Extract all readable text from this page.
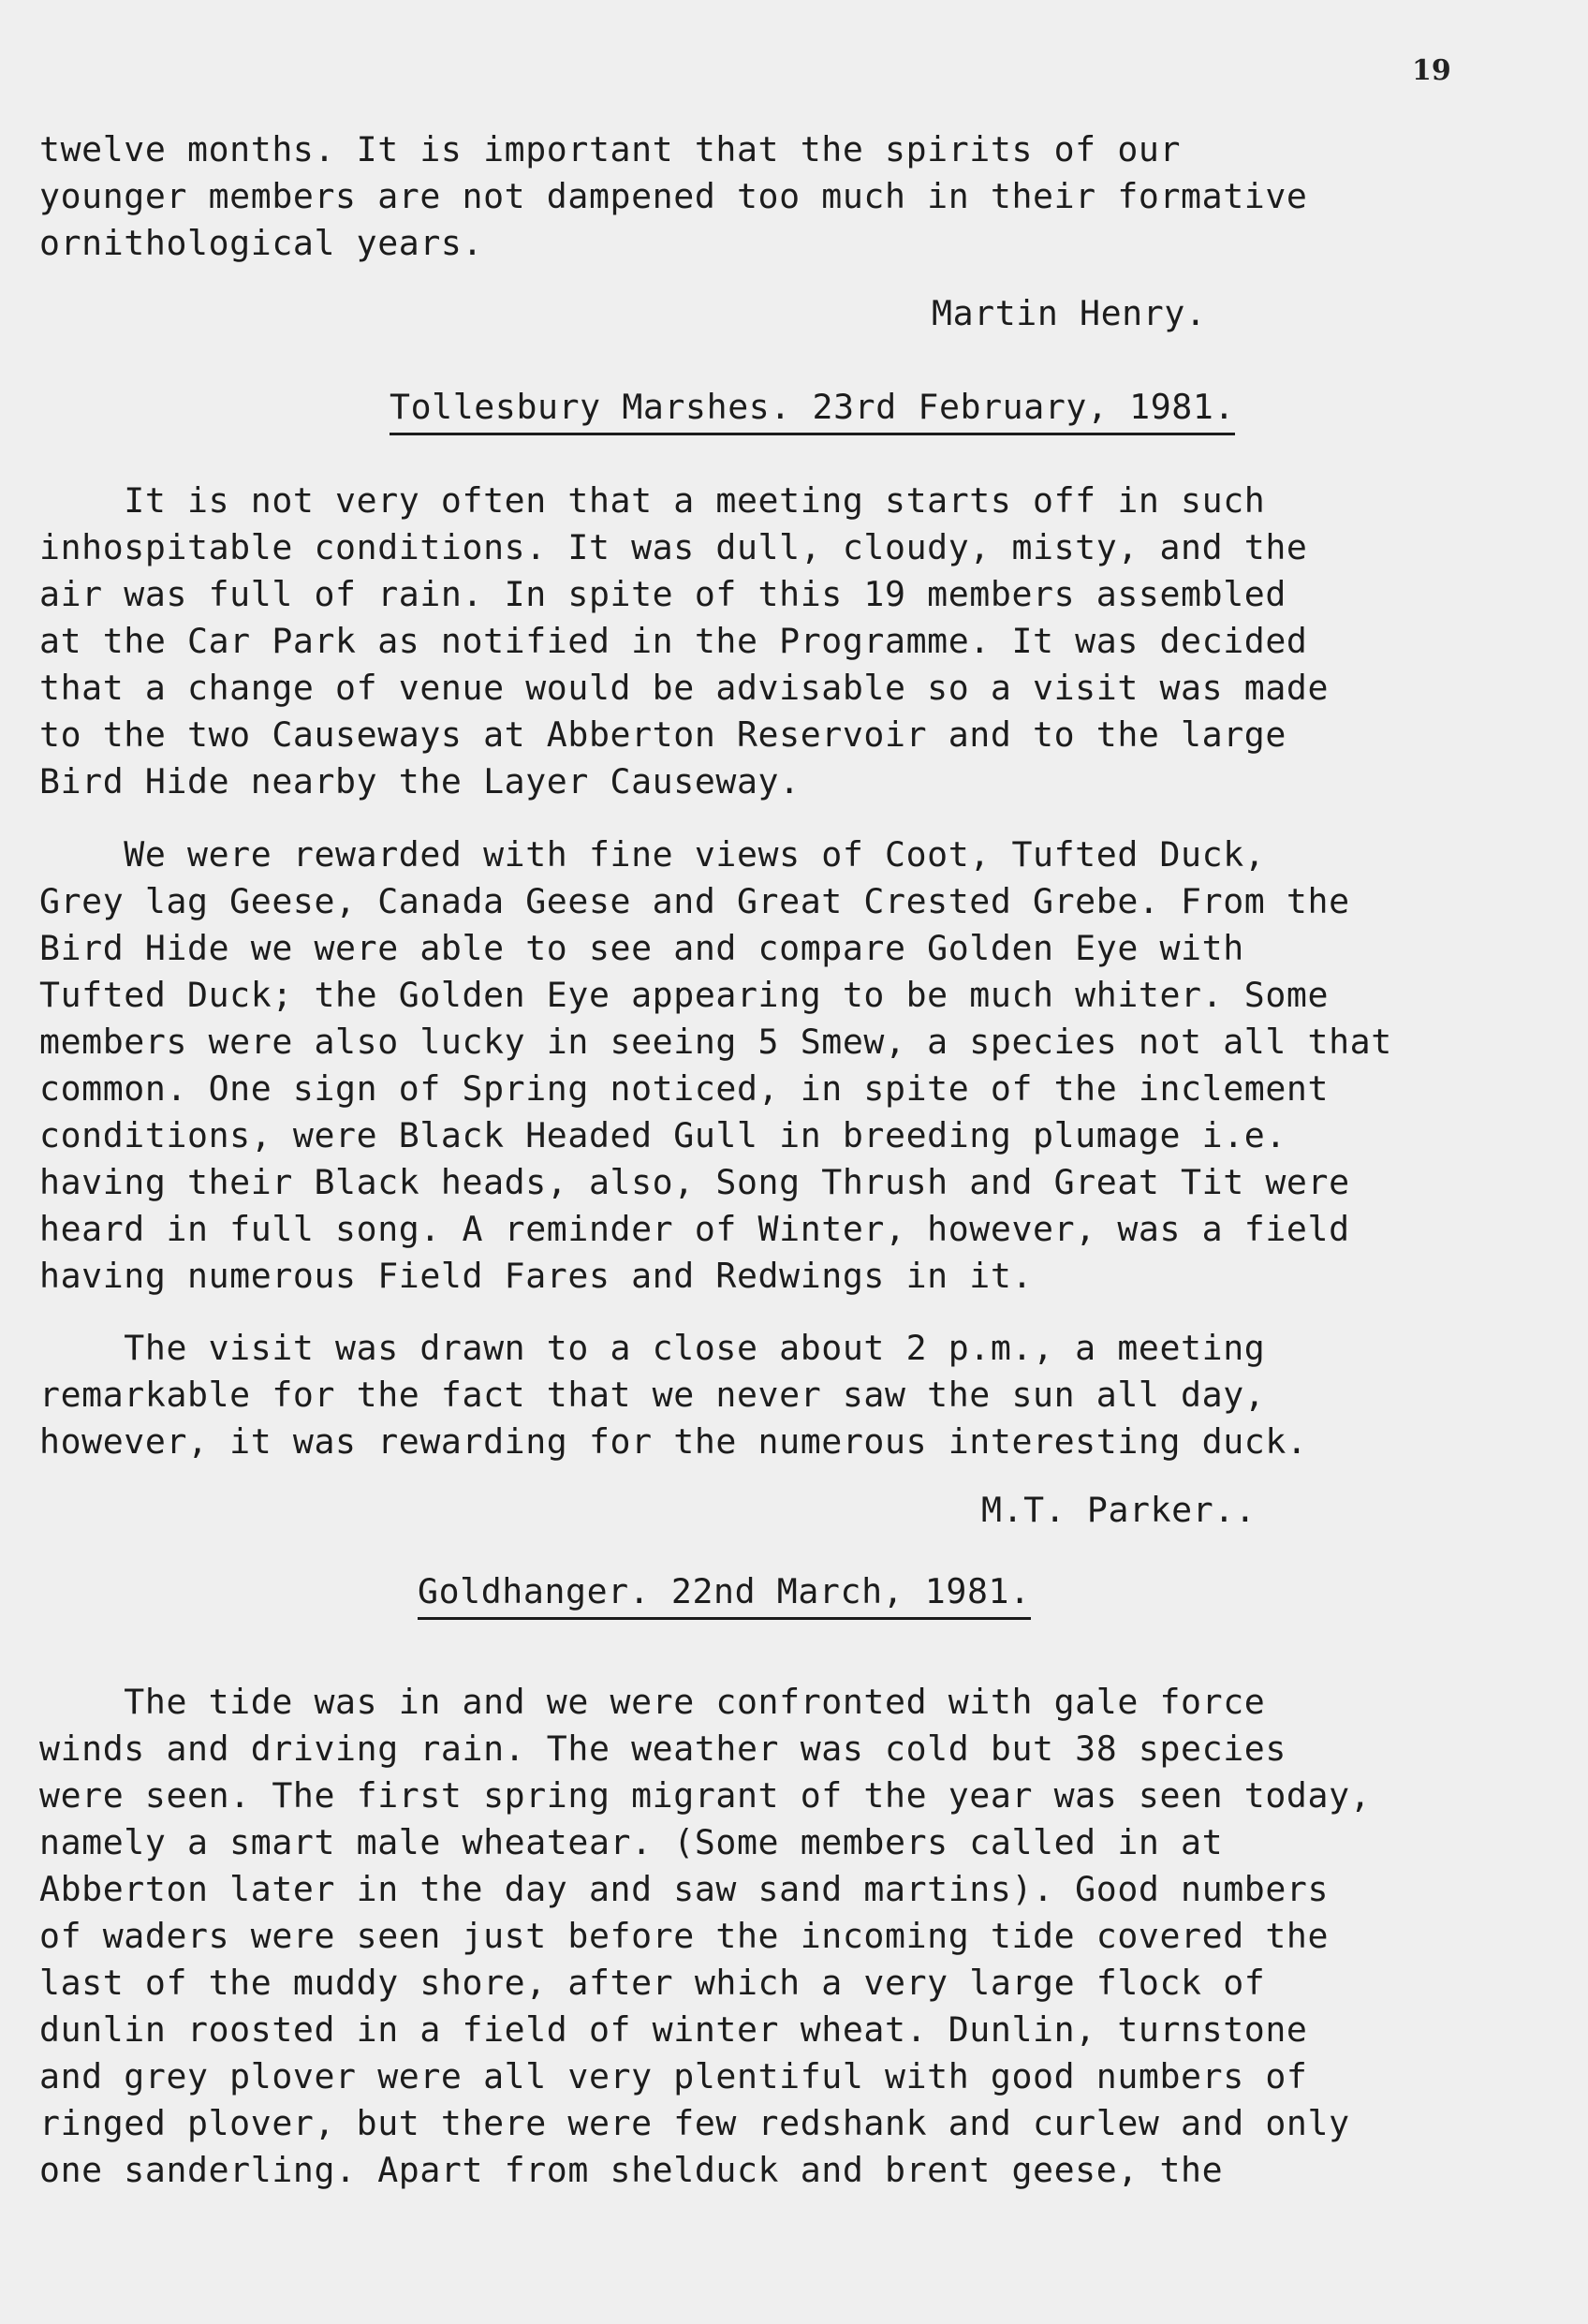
19
twelve months. It is important that the spirits of our
younger members are not dampened too much in their formative
ornithological years.
Martin Henry.
Tollesbury Marshes. 23rd February, 1981.
It is not very often that a meeting starts off in such
inhospitable conditions. It was dull, cloudy, misty, and the
air was full of rain. In spite of this 19 members assembled
at the Car Park as notified in the Programme. It was decided
that a change of venue would be advisable so a visit was made
to the two Causeways at Abberton Reservoir and to the large
Bird Hide nearby the Layer Causeway.
We were rewarded with fine views of Coot, Tufted Duck,
Grey lag Geese, Canada Geese and Great Crested Grebe. From the
Bird Hide we were able to see and compare Golden Eye with
Tufted Duck; the Golden Eye appearing to be much whiter. Some
members were also lucky in seeing 5 Smew, a species not all that
common. One sign of Spring noticed, in spite of the inclement
conditions, were Black Headed Gull in breeding plumage i.e.
having their Black heads, also, Song Thrush and Great Tit were
heard in full song. A reminder of Winter, however, was a field
having numerous Field Fares and Redwings in it.
The visit was drawn to a close about 2 p.m., a meeting
remarkable for the fact that we never saw the sun all day,
however, it was rewarding for the numerous interesting duck.
M.T. Parker..
Goldhanger. 22nd March, 1981.
The tide was in and we were confronted with gale force
winds and driving rain. The weather was cold but 38 species
were seen. The first spring migrant of the year was seen today,
namely a smart male wheatear. (Some members called in at
Abberton later in the day and saw sand martins). Good numbers
of waders were seen just before the incoming tide covered the
last of the muddy shore, after which a very large flock of
dunlin roosted in a field of winter wheat. Dunlin, turnstone
and grey plover were all very plentiful with good numbers of
ringed plover, but there were few redshank and curlew and only
one sanderling. Apart from shelduck and brent geese, the
